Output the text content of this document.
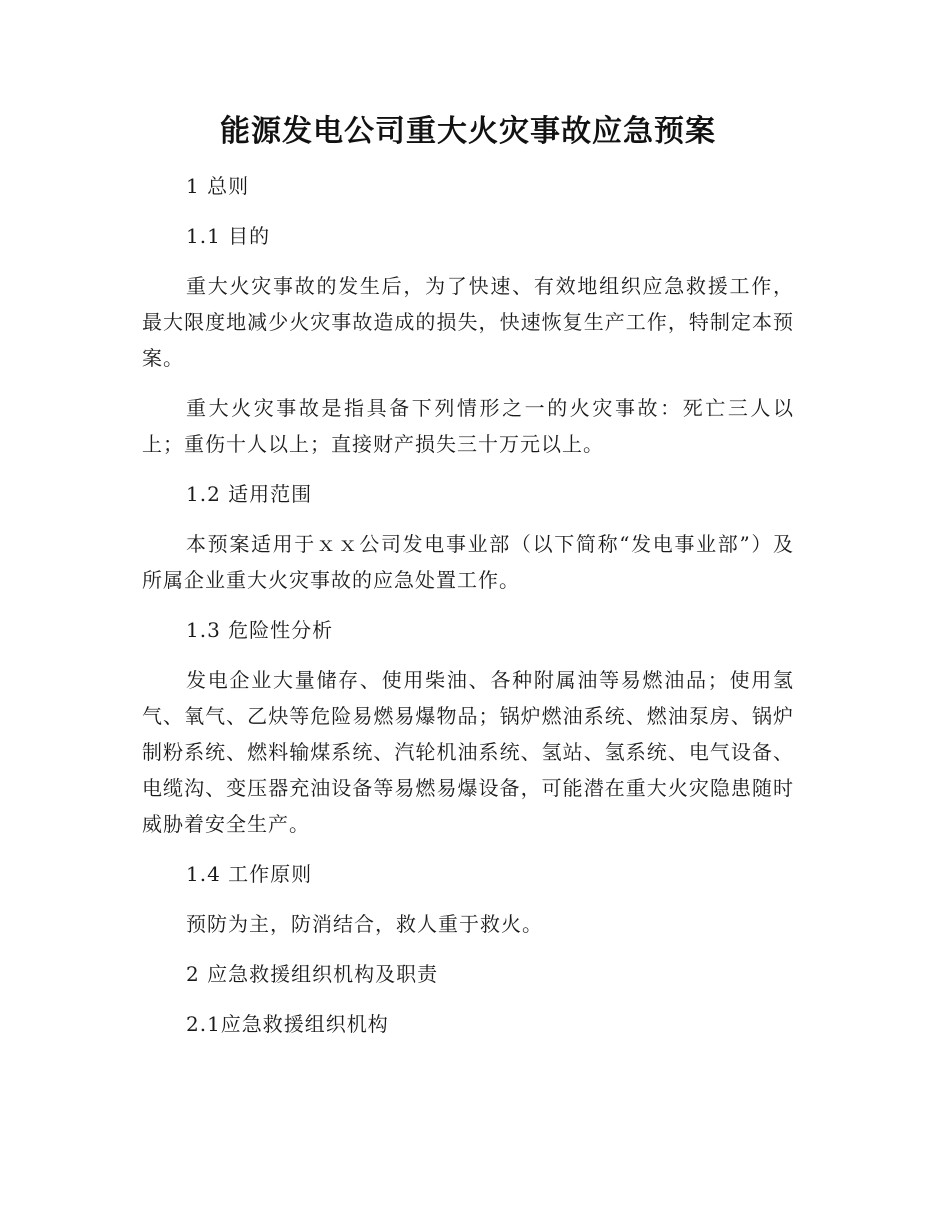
能源发电公司重大火灾事故应急预案

1 总则

1.1 目的

重大火灾事故的发生后，为了快速、有效地组织应急救援工作，最大限度地减少火灾事故造成的损失，快速恢复生产工作，特制定本预案。

重大火灾事故是指具备下列情形之一的火灾事故：死亡三人以上；重伤十人以上；直接财产损失三十万元以上。

1.2 适用范围

本预案适用于ｘｘ公司发电事业部（以下简称“发电事业部”）及所属企业重大火灾事故的应急处置工作。

1.3 危险性分析

发电企业大量储存、使用柴油、各种附属油等易燃油品；使用氢气、氧气、乙炔等危险易燃易爆物品；锅炉燃油系统、燃油泵房、锅炉制粉系统、燃料输煤系统、汽轮机油系统、氢站、氢系统、电气设备、电缆沟、变压器充油设备等易燃易爆设备，可能潜在重大火灾隐患随时威胁着安全生产。

1.4 工作原则

预防为主，防消结合，救人重于救火。

2 应急救援组织机构及职责

2.1应急救援组织机构
